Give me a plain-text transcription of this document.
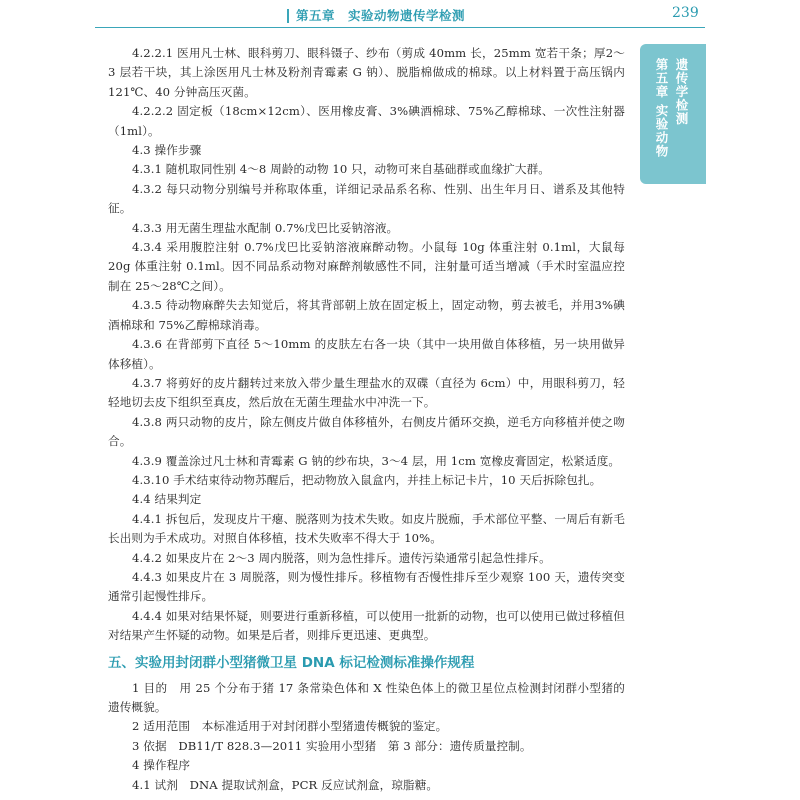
第五章　实验动物遗传学检测	239
第五章 实验动物 遗传学检测

4.2.2.1 医用凡士林、眼科剪刀、眼科镊子、纱布（剪成 40mm 长，25mm 宽若干条；厚2～3 层若干块，其上涂医用凡士林及粉剂青霉素 G 钠）、脱脂棉做成的棉球。以上材料置于高压锅内 121℃、40 分钟高压灭菌。

4.2.2.2 固定板（18cm×12cm）、医用橡皮膏、3%碘酒棉球、75%乙醇棉球、一次性注射器（1ml）。

4.3 操作步骤

4.3.1 随机取同性别 4～8 周龄的动物 10 只，动物可来自基础群或血缘扩大群。

4.3.2 每只动物分别编号并称取体重，详细记录品系名称、性别、出生年月日、谱系及其他特征。

4.3.3 用无菌生理盐水配制 0.7%戊巴比妥钠溶液。

4.3.4 采用腹腔注射 0.7%戊巴比妥钠溶液麻醉动物。小鼠每 10g 体重注射 0.1ml，大鼠每20g 体重注射 0.1ml。因不同品系动物对麻醉剂敏感性不同，注射量可适当增减（手术时室温应控制在 25～28℃之间）。

4.3.5 待动物麻醉失去知觉后，将其背部朝上放在固定板上，固定动物，剪去被毛，并用3%碘酒棉球和 75%乙醇棉球消毒。

4.3.6 在背部剪下直径 5～10mm 的皮肤左右各一块（其中一块用做自体移植，另一块用做异体移植）。

4.3.7 将剪好的皮片翻转过来放入带少量生理盐水的双碟（直径为 6cm）中，用眼科剪刀，轻轻地切去皮下组织至真皮，然后放在无菌生理盐水中冲洗一下。

4.3.8 两只动物的皮片，除左侧皮片做自体移植外，右侧皮片循环交换，逆毛方向移植并使之吻合。

4.3.9 覆盖涂过凡士林和青霉素 G 钠的纱布块，3～4 层，用 1cm 宽橡皮膏固定，松紧适度。

4.3.10 手术结束待动物苏醒后，把动物放入鼠盒内，并挂上标记卡片，10 天后拆除包扎。

4.4 结果判定

4.4.1 拆包后，发现皮片干瘪、脱落则为技术失败。如皮片脱痂，手术部位平整、一周后有新毛长出则为手术成功。对照自体移植，技术失败率不得大于 10%。

4.4.2 如果皮片在 2～3 周内脱落，则为急性排斥。遗传污染通常引起急性排斥。

4.4.3 如果皮片在 3 周脱落，则为慢性排斥。移植物有否慢性排斥至少观察 100 天，遗传突变通常引起慢性排斥。

4.4.4 如果对结果怀疑，则要进行重新移植，可以使用一批新的动物，也可以使用已做过移植但对结果产生怀疑的动物。如果是后者，则排斥更迅速、更典型。

五、实验用封闭群小型猪微卫星 DNA 标记检测标准操作规程

1 目的　用 25 个分布于猪 17 条常染色体和 X 性染色体上的微卫星位点检测封闭群小型猪的遗传概貌。

2 适用范围　本标准适用于对封闭群小型猪遗传概貌的鉴定。

3 依据　DB11/T 828.3—2011 实验用小型猪　第 3 部分：遗传质量控制。

4 操作程序

4.1 试剂　DNA 提取试剂盒，PCR 反应试剂盒，琼脂糖。
